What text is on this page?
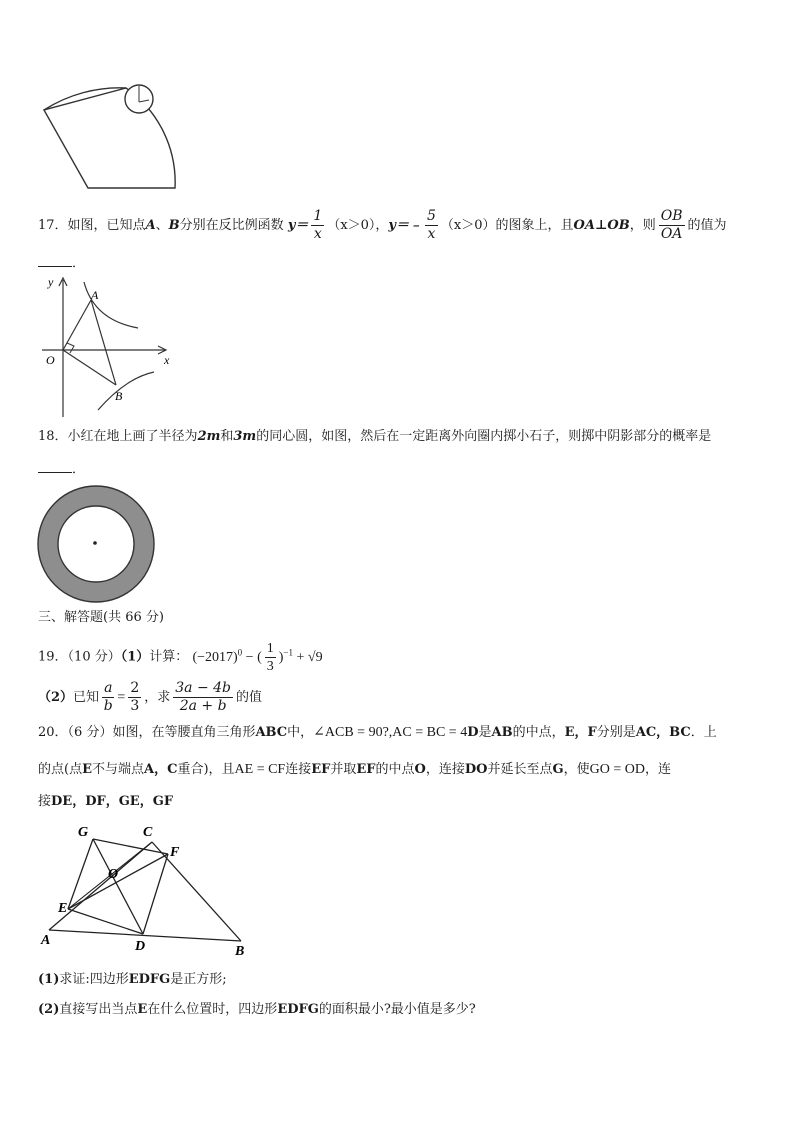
17．如图，已知点A、B分别在反比例函数 $y= \frac{1}{x} (x>0)$，y＝﹣ $\frac{5}{x} (x>0)$的图象上，且OA⊥OB，则 $\frac{OB}{OA}$ 的值为
．
y
x
O
A
B
18．小红在地上画了半径为2m和3m的同心圆，如图，然后在一定距离外向圈内掷小石子，则掷中阴影部分的概率是
．
三、解答题(共 66 分)
19．（10 分）（1）计算： $(-2017)^0$ − ( $\frac{1}{3} )^{-1} + √9$
（2）已知 $\frac{a}{b} = \frac{2}{3}$ ，求 $\frac{3a - 4b}{2a + b}$ 的值
20．（6 分）如图，在等腰直角三角形ABC中，∠ACB = 90?,AC = BC = 4D是AB的中点，E，F分别是AC，BC．上
的点(点E不与端点A，C重合)，且AE = CF连接EF并取EF的中点O，连接DO并延长至点G，使GO = OD，连
接DE，DF，GE，GF
G	C
F
O
E
A	D	B
(1)求证:四边形EDFG是正方形;
(2)直接写出当点E在什么位置时，四边形EDFG的面积最小?最小值是多少?
